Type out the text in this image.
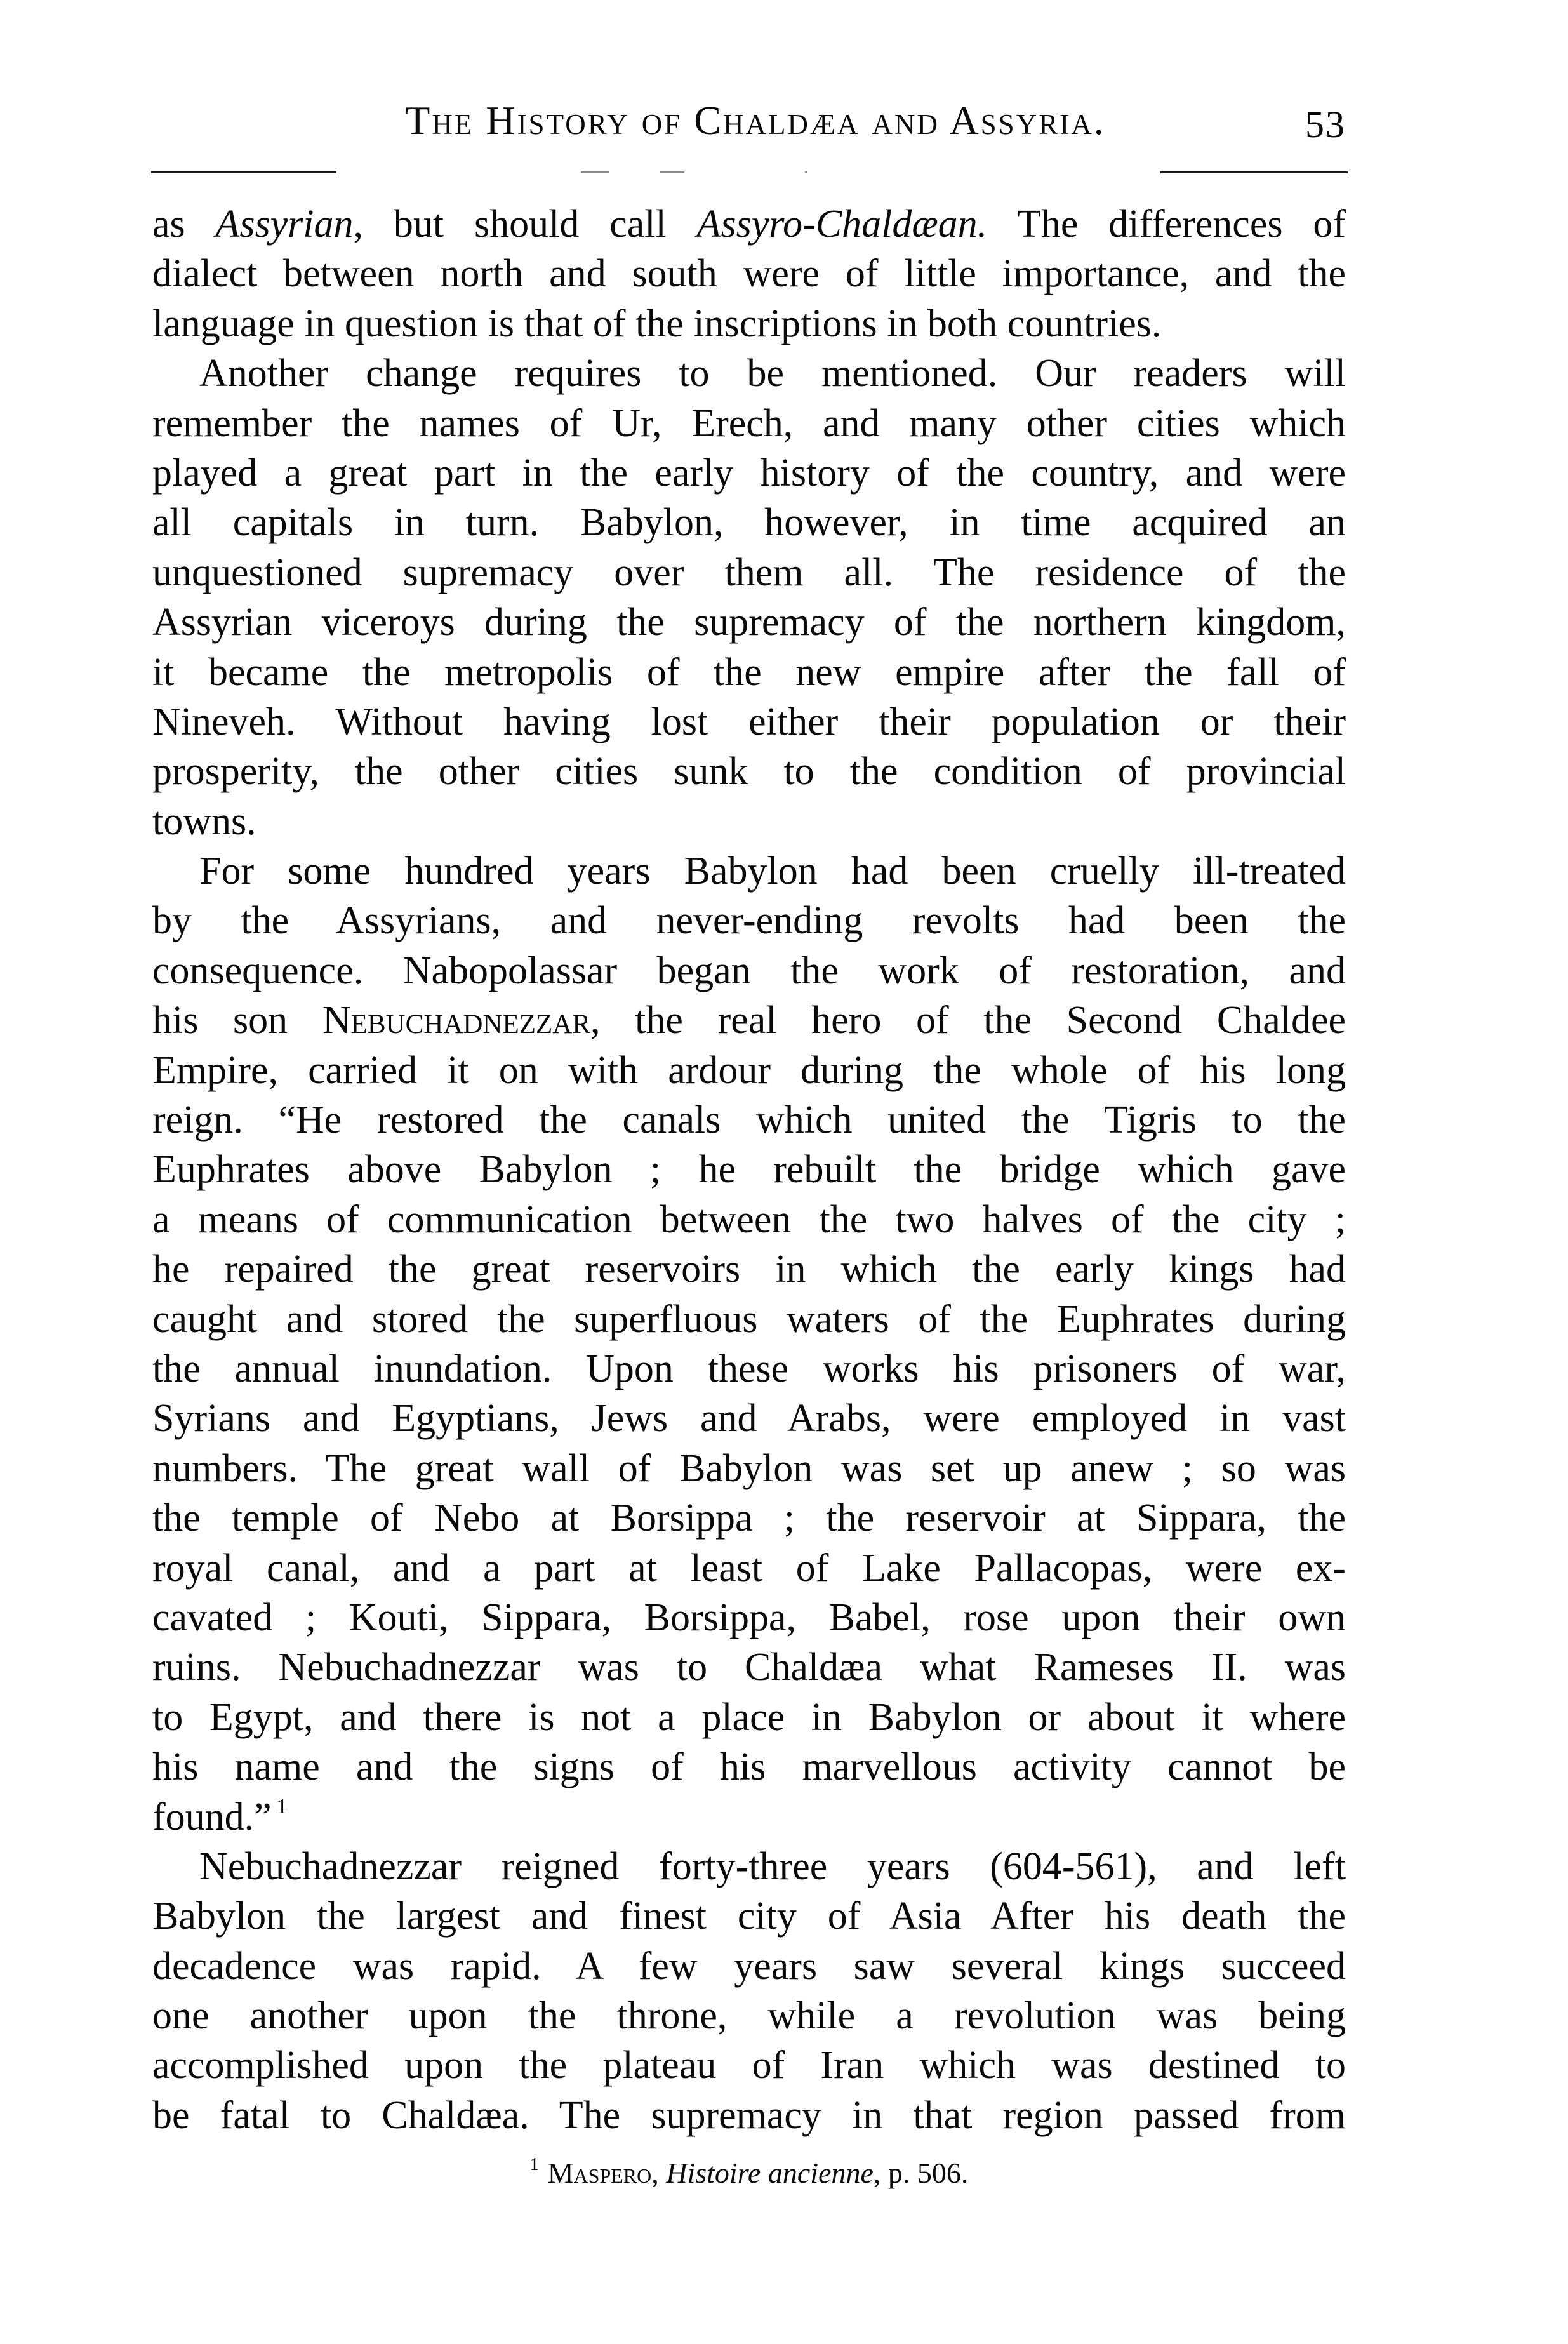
The History of Chaldæa and Assyria.	53
as Assyrian, but should call Assyro-Chaldæan. The differences of
dialect between north and south were of little importance, and the
language in question is that of the inscriptions in both countries.
Another change requires to be mentioned. Our readers will
remember the names of Ur, Erech, and many other cities which
played a great part in the early history of the country, and were
all capitals in turn. Babylon, however, in time acquired an
unquestioned supremacy over them all. The residence of the
Assyrian viceroys during the supremacy of the northern kingdom,
it became the metropolis of the new empire after the fall of
Nineveh. Without having lost either their population or their
prosperity, the other cities sunk to the condition of provincial
towns.
For some hundred years Babylon had been cruelly ill-treated
by the Assyrians, and never-ending revolts had been the
consequence. Nabopolassar began the work of restoration, and
his son Nebuchadnezzar, the real hero of the Second Chaldee
Empire, carried it on with ardour during the whole of his long
reign. “He restored the canals which united the Tigris to the
Euphrates above Babylon ; he rebuilt the bridge which gave
a means of communication between the two halves of the city ;
he repaired the great reservoirs in which the early kings had
caught and stored the superfluous waters of the Euphrates during
the annual inundation. Upon these works his prisoners of war,
Syrians and Egyptians, Jews and Arabs, were employed in vast
numbers. The great wall of Babylon was set up anew ; so was
the temple of Nebo at Borsippa ; the reservoir at Sippara, the
royal canal, and a part at least of Lake Pallacopas, were ex-
cavated ; Kouti, Sippara, Borsippa, Babel, rose upon their own
ruins. Nebuchadnezzar was to Chaldæa what Rameses II. was
to Egypt, and there is not a place in Babylon or about it where
his name and the signs of his marvellous activity cannot be
found.” $^1$
Nebuchadnezzar reigned forty-three years (604-561), and left
Babylon the largest and finest city of Asia After his death the
decadence was rapid. A few years saw several kings succeed
one another upon the throne, while a revolution was being
accomplished upon the plateau of Iran which was destined to
be fatal to Chaldæa. The supremacy in that region passed from
$^1$ Maspero, Histoire ancienne, p. 506.
